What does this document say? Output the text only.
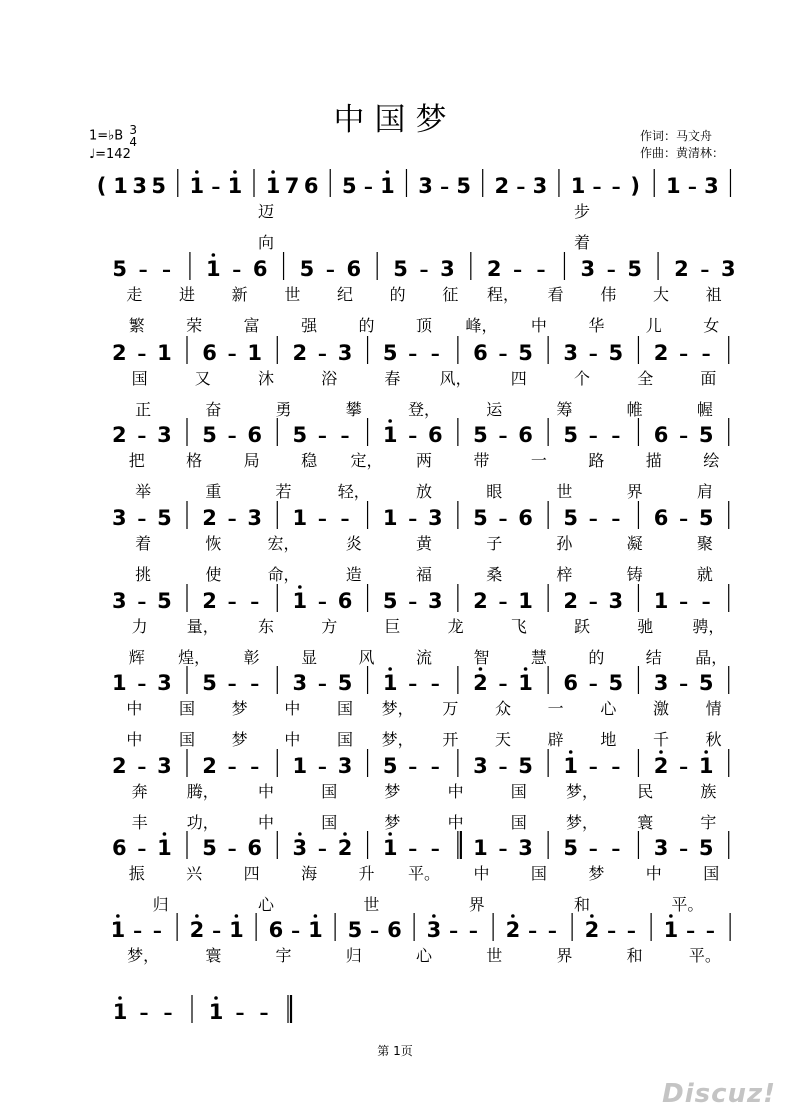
中国梦
1=♭B 3
4
♩=142
作词：马文舟
作曲：黄清林：
( 1 3 5 1 – 1 1 7 6 5 – 1 3 – 5 2 – 3 1 – – ) 1 – 3
迈	步
向	着
5 – – 1 – 6 5 – 6 5 – 3 2 – – 3 – 5 2 – 3
走 进 新 世 纪 的 征 程， 看 伟 大 祖
繁	荣	富	强	的	顶 峰， 中	华	儿	女
2 – 1 6 – 1 2 – 3 5 – – 6 – 5 3 – 5 2 – –
国	又	沐	浴	春 风， 四	个	全	面
正	奋	勇	攀	登，	运	筹	帷	幄
2 – 3 5 – 6 5 – – 1 – 6 5 – 6 5 – – 6 – 5
把	格	局	稳 定， 两	带	一	路	描	绘
举	重	若	轻，	放	眼	世	界	肩
3 – 5 2 – 3 1 – – 1 – 3 5 – 6 5 – – 6 – 5
着	恢	宏，	炎	黄	子	孙	凝	聚
挑	使	命，	造	福	桑	梓	铸	就
3 – 5 2 – – 1 – 6 5 – 3 2 – 1 2 – 3 1 – –
力 量， 东	方	巨	龙	飞	跃	驰 骋，
辉 煌， 彰	显	风	流	智	慧	的	结 晶，
1 – 3 5 – – 3 – 5 1 – – 2 – 1 6 – 5 3 – 5
中 国 梦 中 国 梦， 万 众 一 心 激 情
中 国 梦 中 国 梦， 开 天 辟 地 千 秋
2 – 3 2 – – 1 – 3 5 – – 3 – 5 1 – – 2 – 1
奔 腾， 中	国	梦	中	国 梦， 民	族
丰 功， 中	国	梦	中	国 梦， 寰	宇
6 – 1 5 – 6 3 – 2 1 – – 1 – 3 5 – – 3 – 5
振	兴	四	海	升 平。 中	国	梦	中	国
归	心	世	界	和	平。
1 – – 2 – 1 6 – 1 5 – 6 3 – – 2 – – 2 – – 1 – –
梦，	寰	宇	归	心	世	界	和	平。
1 – – 1 – –
第 1页
Discuz!
